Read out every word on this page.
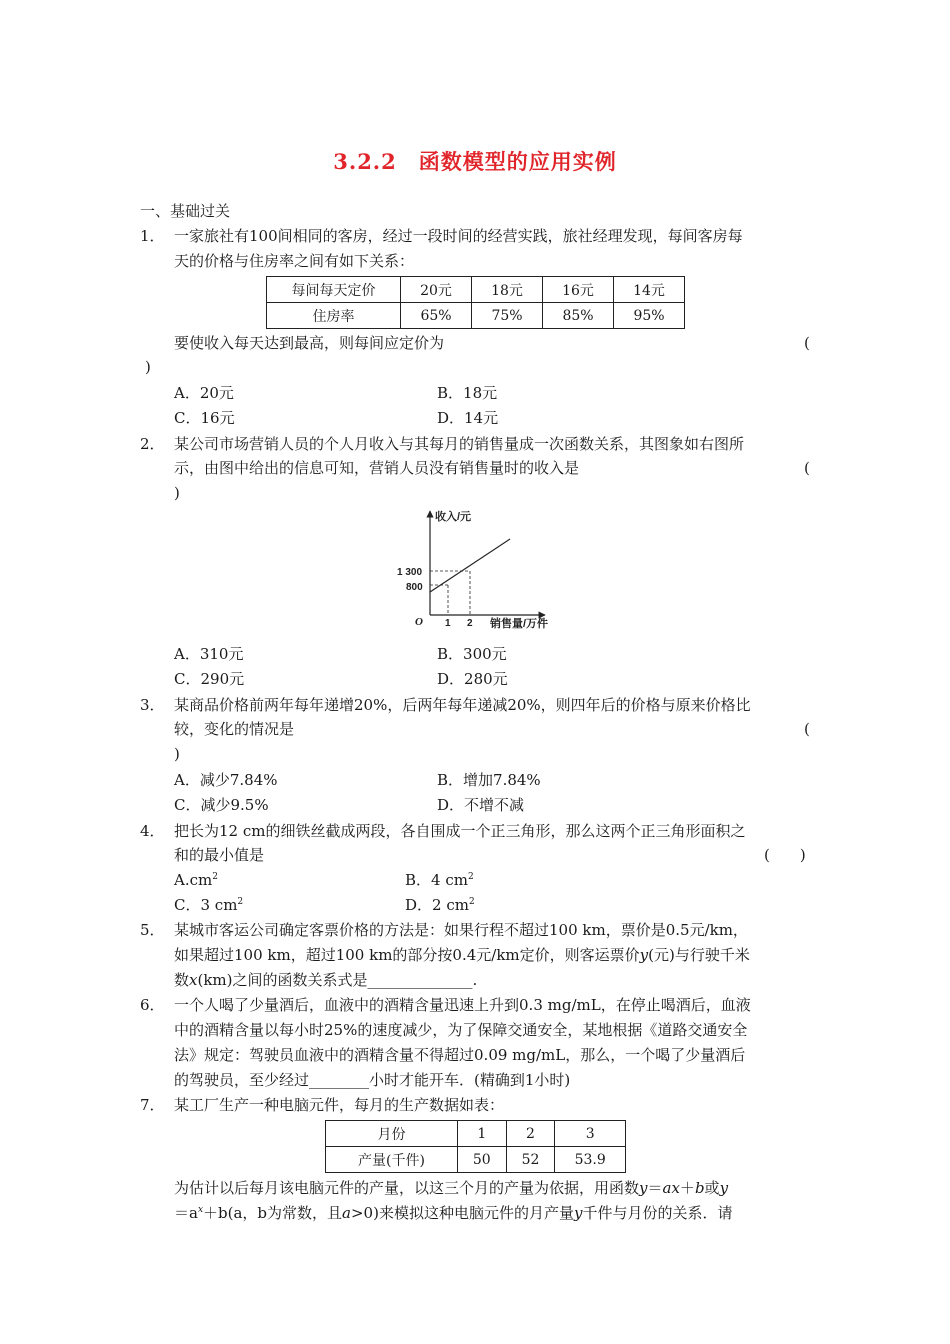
3.2.2　函数模型的应用实例
一、基础过关
1． 一家旅社有100间相同的客房，经过一段时间的经营实践，旅社经理发现，每间客房每
天的价格与住房率之间有如下关系：
每间每天定价	20元	18元	16元	14元
住房率	65%	75%	85%	95%
要使收入每天达到最高，则每间应定价为	(
)
A．20元	B．18元
C．16元	D．14元
2． 某公司市场营销人员的个人月收入与其每月的销售量成一次函数关系，其图象如右图所
示，由图中给出的信息可知，营销人员没有销售量时的收入是	(
)
收入/元
销售量/万件
O
1 300
800
1 2
A．310元	B．300元
C．290元	D．280元
3． 某商品价格前两年每年递增20%，后两年每年递减20%，则四年后的价格与原来价格比
较，变化的情况是	(
)
A．减少7.84%	B．增加7.84%
C．减少9.5%	D．不增不减
4． 把长为12 cm的细铁丝截成两段，各自围成一个正三角形，那么这两个正三角形面积之
和的最小值是	(　　)
$A.cm^2$	B．4 $cm^2$
C．3 $cm^2$	D．2 $cm^2$
5． 某城市客运公司确定客票价格的方法是：如果行程不超过100 km，票价是0.5元/km，
如果超过100 km，超过100 km的部分按0.4元/km定价，则客运票价y(元)与行驶千米
数x(km)之间的函数关系式是______________.
6． 一个人喝了少量酒后，血液中的酒精含量迅速上升到0.3 mg/mL，在停止喝酒后，血液
中的酒精含量以每小时25%的速度减少，为了保障交通安全，某地根据《道路交通安全
法》规定：驾驶员血液中的酒精含量不得超过0.09 mg/mL，那么，一个喝了少量酒后
的驾驶员，至少经过________小时才能开车．(精确到1小时)
7． 某工厂生产一种电脑元件，每月的生产数据如表：
月份	1	2	3
产量(千件)	50	52	53.9
为估计以后每月该电脑元件的产量，以这三个月的产量为依据，用函数y＝ax＋b或y
$=a^x+b(a$，b为常数，且a>0)来模拟这种电脑元件的月产量y千件与月份的关系．请
